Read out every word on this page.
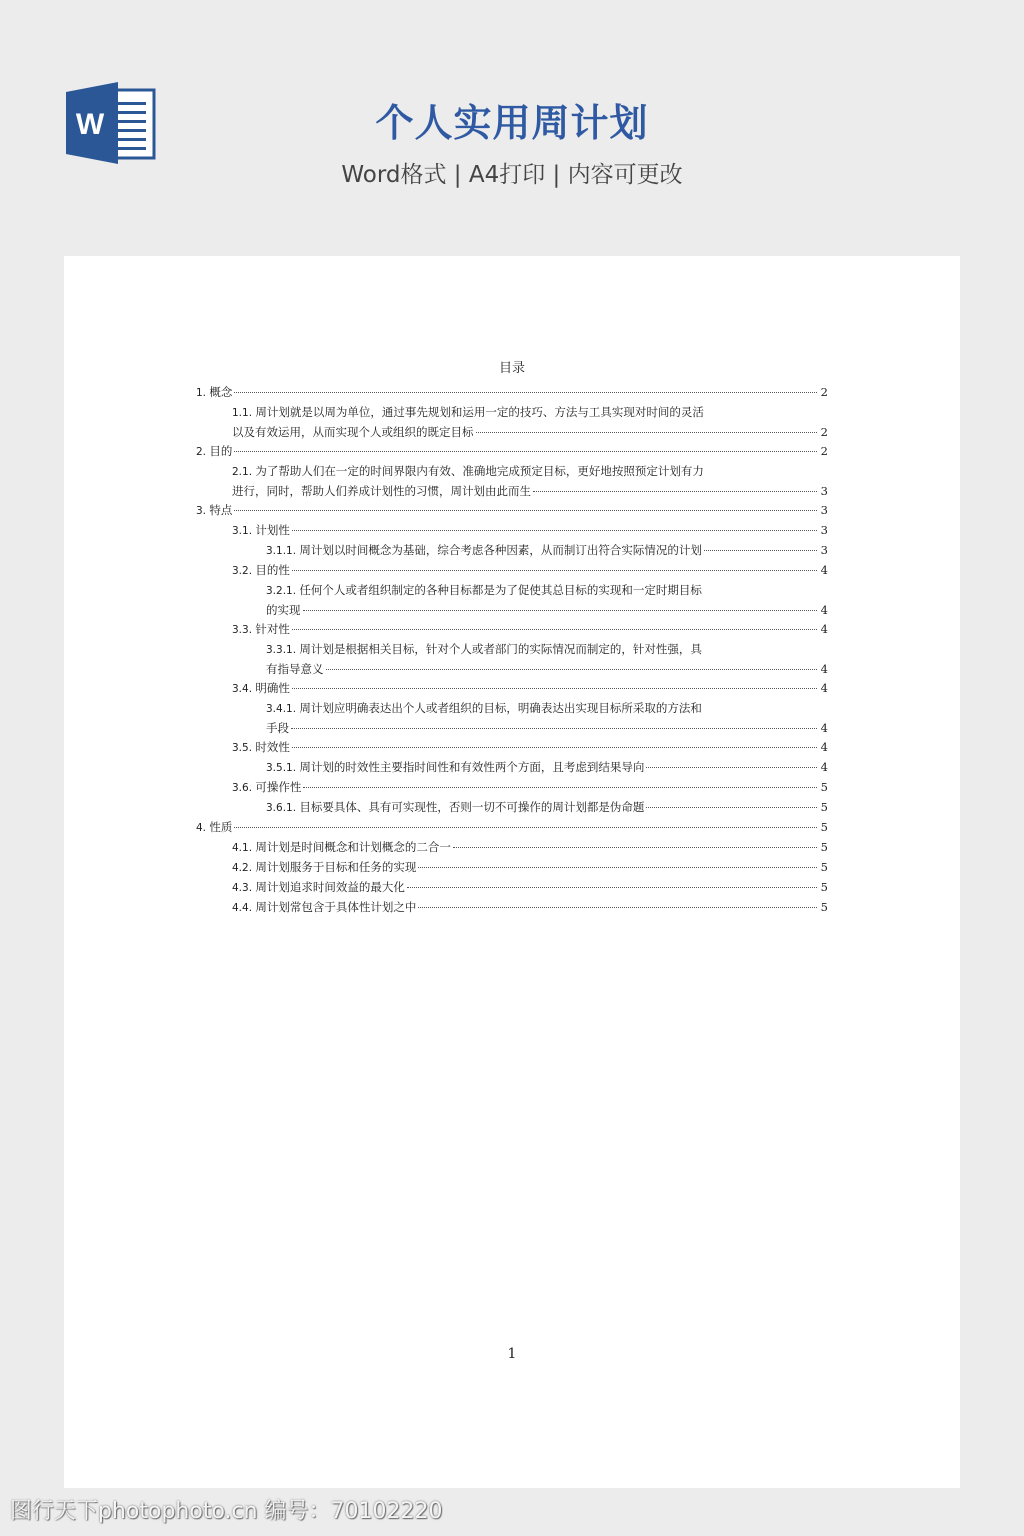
W	个人实用周计划
Word格式 | A4打印 | 内容可更改
目录
1. 概念	2
1.1. 周计划就是以周为单位，通过事先规划和运用一定的技巧、方法与工具实现对时间的灵活
以及有效运用，从而实现个人或组织的既定目标	2
2. 目的	2
2.1. 为了帮助人们在一定的时间界限内有效、准确地完成预定目标，更好地按照预定计划有力
进行，同时，帮助人们养成计划性的习惯，周计划由此而生	3
3. 特点	3
3.1. 计划性	3
3.1.1. 周计划以时间概念为基础，综合考虑各种因素，从而制订出符合实际情况的计划	3
3.2. 目的性	4
3.2.1. 任何个人或者组织制定的各种目标都是为了促使其总目标的实现和一定时期目标
的实现	4
3.3. 针对性	4
3.3.1. 周计划是根据相关目标，针对个人或者部门的实际情况而制定的，针对性强，具
有指导意义	4
3.4. 明确性	4
3.4.1. 周计划应明确表达出个人或者组织的目标，明确表达出实现目标所采取的方法和
手段	4
3.5. 时效性	4
3.5.1. 周计划的时效性主要指时间性和有效性两个方面，且考虑到结果导向	4
3.6. 可操作性	5
3.6.1. 目标要具体、具有可实现性，否则一切不可操作的周计划都是伪命题	5
4. 性质	5
4.1. 周计划是时间概念和计划概念的二合一	5
4.2. 周计划服务于目标和任务的实现	5
4.3. 周计划追求时间效益的最大化	5
4.4. 周计划常包含于具体性计划之中	5
1
图行天下photophoto.cn 编号：70102220
